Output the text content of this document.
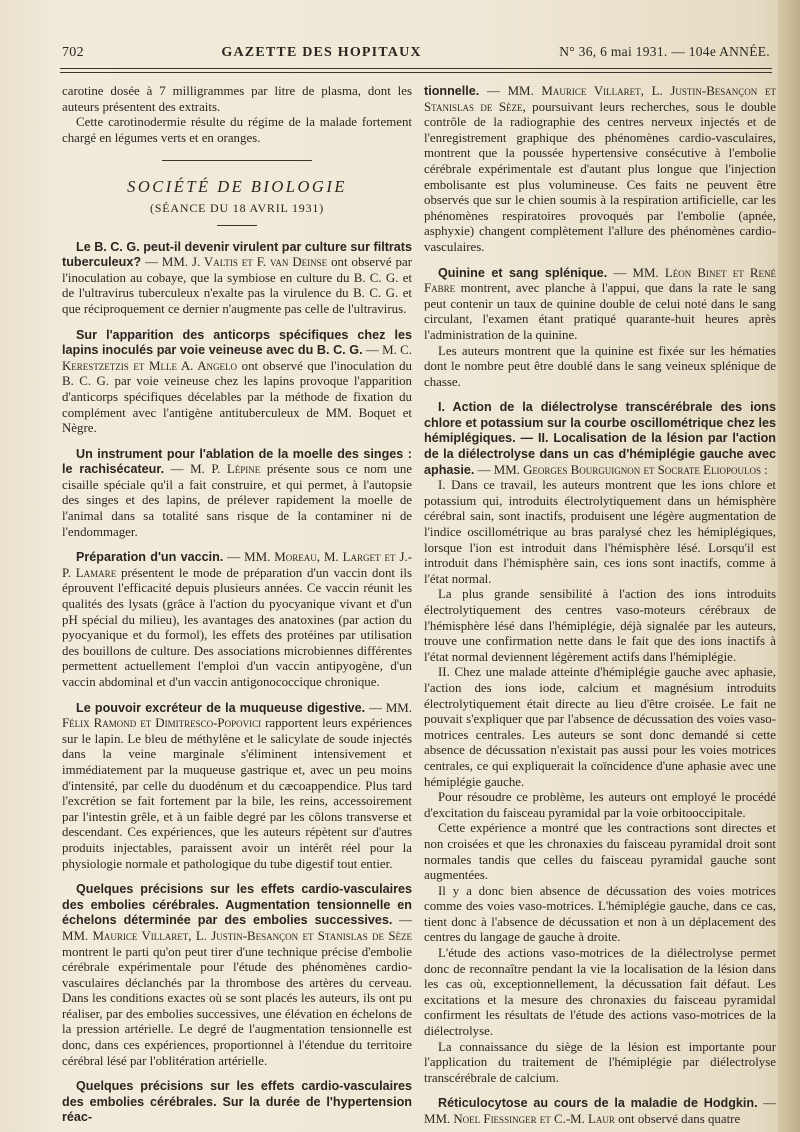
702	GAZETTE DES HOPITAUX	N° 36, 6 mai 1931. — 104e ANNÉE.

carotine dosée à 7 milligrammes par litre de plasma, dont les auteurs présentent des extraits.

Cette carotinodermie résulte du régime de la malade fortement chargé en légumes verts et en oranges.

SOCIÉTÉ DE BIOLOGIE
(SÉANCE DU 18 AVRIL 1931)

Le B. C. G. peut-il devenir virulent par culture sur filtrats tuberculeux? — MM. J. Valtis et F. van Deinse ont observé par l'inoculation au cobaye, que la symbiose en culture du B. C. G. et de l'ultravirus tuberculeux n'exalte pas la virulence du B. C. G. et que réciproquement ce dernier n'augmente pas celle de l'ultravirus.

Sur l'apparition des anticorps spécifiques chez les lapins inoculés par voie veineuse avec du B. C. G. — M. C. Kerestzetzis et Mlle A. Angelo ont observé que l'inoculation du B. C. G. par voie veineuse chez les lapins provoque l'apparition d'anticorps spécifiques décelables par la méthode de fixation du complément avec l'antigène antituberculeux de MM. Boquet et Nègre.

Un instrument pour l'ablation de la moelle des singes : le rachisécateur. — M. P. Lépine présente sous ce nom une cisaille spéciale qu'il a fait construire, et qui permet, à l'autopsie des singes et des lapins, de prélever rapidement la moelle de l'animal dans sa totalité sans risque de la contaminer ni de l'endommager.

Préparation d'un vaccin. — MM. Moreau, M. Larget et J.-P. Lamare présentent le mode de préparation d'un vaccin dont ils éprouvent l'efficacité depuis plusieurs années. Ce vaccin réunit les qualités des lysats (grâce à l'action du pyocyanique vivant et d'un pH spécial du milieu), les avantages des anatoxines (par action du pyocyanique et du formol), les effets des protéines par utilisation des bouillons de culture. Des associations microbiennes différentes permettent actuellement l'emploi d'un vaccin antipyogène, d'un vaccin abdominal et d'un vaccin antigonococcique chronique.

Le pouvoir excréteur de la muqueuse digestive. — MM. Félix Ramond et Dimitresco-Popovici rapportent leurs expériences sur le lapin. Le bleu de méthylène et le salicylate de soude injectés dans la veine marginale s'éliminent intensivement et immédiatement par la muqueuse gastrique et, avec un peu moins d'intensité, par celle du duodénum et du cæcoappendice. Plus tard l'excrétion se fait fortement par la bile, les reins, accessoirement par l'intestin grêle, et à un faible degré par les côlons transverse et descendant. Ces expériences, que les auteurs répètent sur d'autres produits injectables, paraissent avoir un intérêt réel pour la physiologie normale et pathologique du tube digestif tout entier.

Quelques précisions sur les effets cardio-vasculaires des embolies cérébrales. Augmentation tensionnelle en échelons déterminée par des embolies successives. — MM. Maurice Villaret, L. Justin-Besançon et Stanislas de Sèze montrent le parti qu'on peut tirer d'une technique précise d'embolie cérébrale expérimentale pour l'étude des phénomènes cardio-vasculaires déclanchés par la thrombose des artères du cerveau. Dans les conditions exactes où se sont placés les auteurs, ils ont pu réaliser, par des embolies successives, une élévation en échelons de la pression artérielle. Le degré de l'augmentation tensionnelle est donc, dans ces expériences, proportionnel à l'étendue du territoire cérébral lésé par l'oblitération artérielle.

Quelques précisions sur les effets cardio-vasculaires des embolies cérébrales. Sur la durée de l'hypertension réac-

tionnelle. — MM. Maurice Villaret, L. Justin-Besançon et Stanislas de Sèze, poursuivant leurs recherches, sous le double contrôle de la radiographie des centres nerveux injectés et de l'enregistrement graphique des phénomènes cardio-vasculaires, montrent que la poussée hypertensive consécutive à l'embolie cérébrale expérimentale est d'autant plus longue que l'injection embolisante est plus volumineuse. Ces faits ne peuvent être observés que sur le chien soumis à la respiration artificielle, car les phénomènes respiratoires provoqués par l'embolie (apnée, asphyxie) changent complètement l'allure des phénomènes cardio-vasculaires.

Quinine et sang splénique. — MM. Léon Binet et René Fabre montrent, avec planche à l'appui, que dans la rate le sang peut contenir un taux de quinine double de celui noté dans le sang circulant, l'examen étant pratiqué quarante-huit heures après l'administration de la quinine.

Les auteurs montrent que la quinine est fixée sur les hématies dont le nombre peut être doublé dans le sang veineux splénique de chasse.

I. Action de la diélectrolyse transcérébrale des ions chlore et potassium sur la courbe oscillométrique chez les hémiplégiques. — II. Localisation de la lésion par l'action de la diélectrolyse dans un cas d'hémiplégie gauche avec aphasie. — MM. Georges Bourguignon et Socrate Eliopoulos :

I. Dans ce travail, les auteurs montrent que les ions chlore et potassium qui, introduits électrolytiquement dans un hémisphère cérébral sain, sont inactifs, produisent une légère augmentation de l'indice oscillométrique au bras paralysé chez les hémiplégiques, lorsque l'ion est introduit dans l'hémisphère lésé. Lorsqu'il est introduit dans l'hémisphère sain, ces ions sont inactifs, comme à l'état normal.

La plus grande sensibilité à l'action des ions introduits électrolytiquement des centres vaso-moteurs cérébraux de l'hémisphère lésé dans l'hémiplégie, déjà signalée par les auteurs, trouve une confirmation nette dans le fait que des ions inactifs à l'état normal deviennent légèrement actifs dans l'hémiplégie.

II. Chez une malade atteinte d'hémiplégie gauche avec aphasie, l'action des ions iode, calcium et magnésium introduits électrolytiquement était directe au lieu d'être croisée. Le fait ne pouvait s'expliquer que par l'absence de décussation des voies vaso-motrices centrales. Les auteurs se sont donc demandé si cette absence de décussation n'existait pas aussi pour les voies motrices centrales, ce qui expliquerait la coïncidence d'une aphasie avec une hémiplégie gauche.

Pour résoudre ce problème, les auteurs ont employé le procédé d'excitation du faisceau pyramidal par la voie orbitooccipitale.

Cette expérience a montré que les contractions sont directes et non croisées et que les chronaxies du faisceau pyramidal droit sont normales tandis que celles du faisceau pyramidal gauche sont augmentées.

Il y a donc bien absence de décussation des voies motrices comme des voies vaso-motrices. L'hémiplégie gauche, dans ce cas, tient donc à l'absence de décussation et non à un déplacement des centres du langage de gauche à droite.

L'étude des actions vaso-motrices de la diélectrolyse permet donc de reconnaître pendant la vie la localisation de la lésion dans les cas où, exceptionnellement, la décussation fait défaut. Les excitations et la mesure des chronaxies du faisceau pyramidal confirment les résultats de l'étude des actions vaso-motrices de la diélectrolyse.

La connaissance du siège de la lésion est importante pour l'application du traitement de l'hémiplégie par diélectrolyse transcérébrale de calcium.

Réticulocytose au cours de la maladie de Hodgkin. — MM. Noel Fiessinger et C.-M. Laur ont observé dans quatre
